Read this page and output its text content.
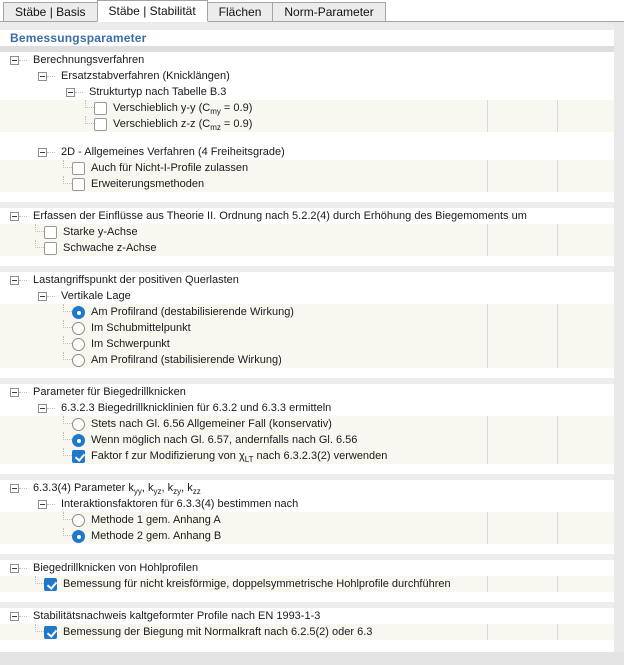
Stäbe | Basis	Stäbe | Stabilität	Flächen	Norm-Parameter
Bemessungsparameter
Berechnungsverfahren
Ersatzstabverfahren (Knicklängen)
Strukturtyp nach Tabelle B.3
Verschieblich y-y $(C_{my} = 0.9)$
Verschieblich z-z $(C_{mz} = 0.9)$
2D - Allgemeines Verfahren (4 Freiheitsgrade)
Auch für Nicht-I-Profile zulassen
Erweiterungsmethoden
Erfassen der Einflüsse aus Theorie II. Ordnung nach 5.2.2(4) durch Erhöhung des Biegemoments um
Starke y-Achse
Schwache z-Achse
Lastangriffspunkt der positiven Querlasten
Vertikale Lage
Am Profilrand (destabilisierende Wirkung)
Im Schubmittelpunkt
Im Schwerpunkt
Am Profilrand (stabilisierende Wirkung)
Parameter für Biegedrillknicken
6.3.2.3 Biegedrillknicklinien für 6.3.2 und 6.3.3 ermitteln
Stets nach Gl. 6.56 Allgemeiner Fall (konservativ)
Wenn möglich nach Gl. 6.57, andernfalls nach Gl. 6.56
Faktor f zur Modifizierung von $\chi_{LT}$ nach 6.3.2.3(2) verwenden
6.3.3(4) Parameter $k_{yy}$, $k_{yz}$, $k_{zy}$, $k_{zz}$
Interaktionsfaktoren für 6.3.3(4) bestimmen nach
Methode 1 gem. Anhang A
Methode 2 gem. Anhang B
Biegedrillknicken von Hohlprofilen
Bemessung für nicht kreisförmige, doppelsymmetrische Hohlprofile durchführen
Stabilitätsnachweis kaltgeformter Profile nach EN 1993-1-3
Bemessung der Biegung mit Normalkraft nach 6.2.5(2) oder 6.3
